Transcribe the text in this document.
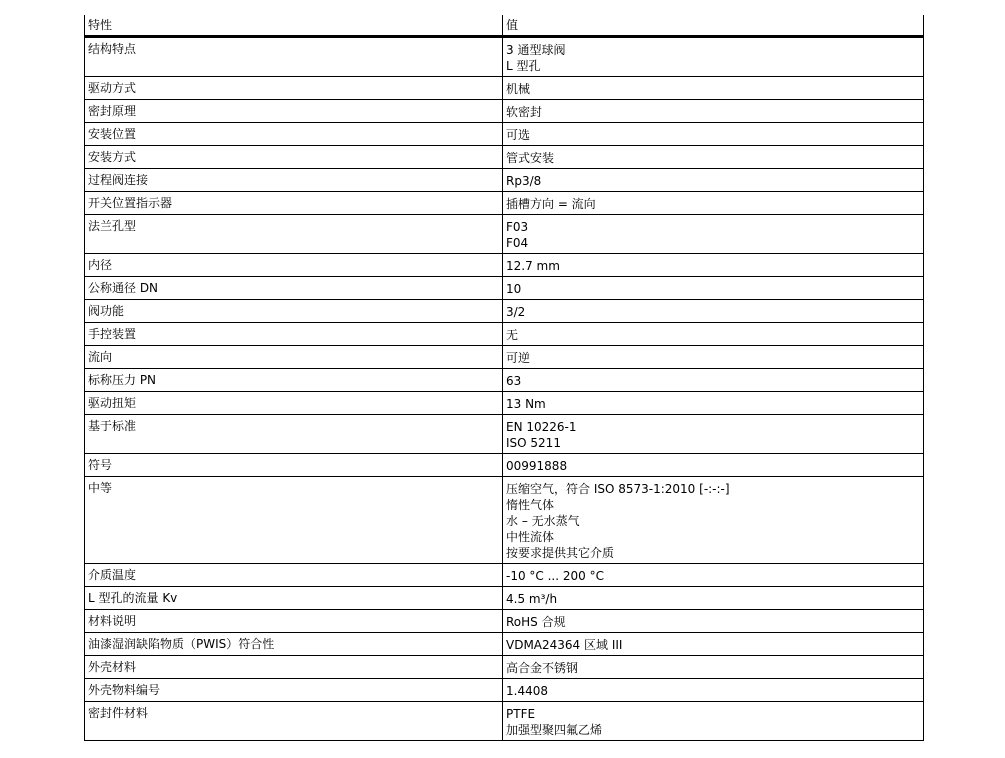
特性	值
结构特点	3 通型球阀
L 型孔
驱动方式	机械
密封原理	软密封
安装位置	可选
安装方式	管式安装
过程阀连接	Rp3/8
开关位置指示器	插槽方向 = 流向
法兰孔型	F03
F04
内径	12.7 mm
公称通径 DN	10
阀功能	3/2
手控装置	无
流向	可逆
标称压力 PN	63
驱动扭矩	13 Nm
基于标准	EN 10226-1
ISO 5211
符号	00991888
中等	压缩空气，符合 ISO 8573-1:2010 [-:-:-]
惰性气体
水 – 无水蒸气
中性流体
按要求提供其它介质
介质温度	-10 °C ... 200 °C
L 型孔的流量 Kv	4.5 m³/h
材料说明	RoHS 合规
油漆湿润缺陷物质（PWIS）符合性	VDMA24364 区域 III
外壳材料	高合金不锈钢
外壳物料编号	1.4408
密封件材料	PTFE
加强型聚四氟乙烯
